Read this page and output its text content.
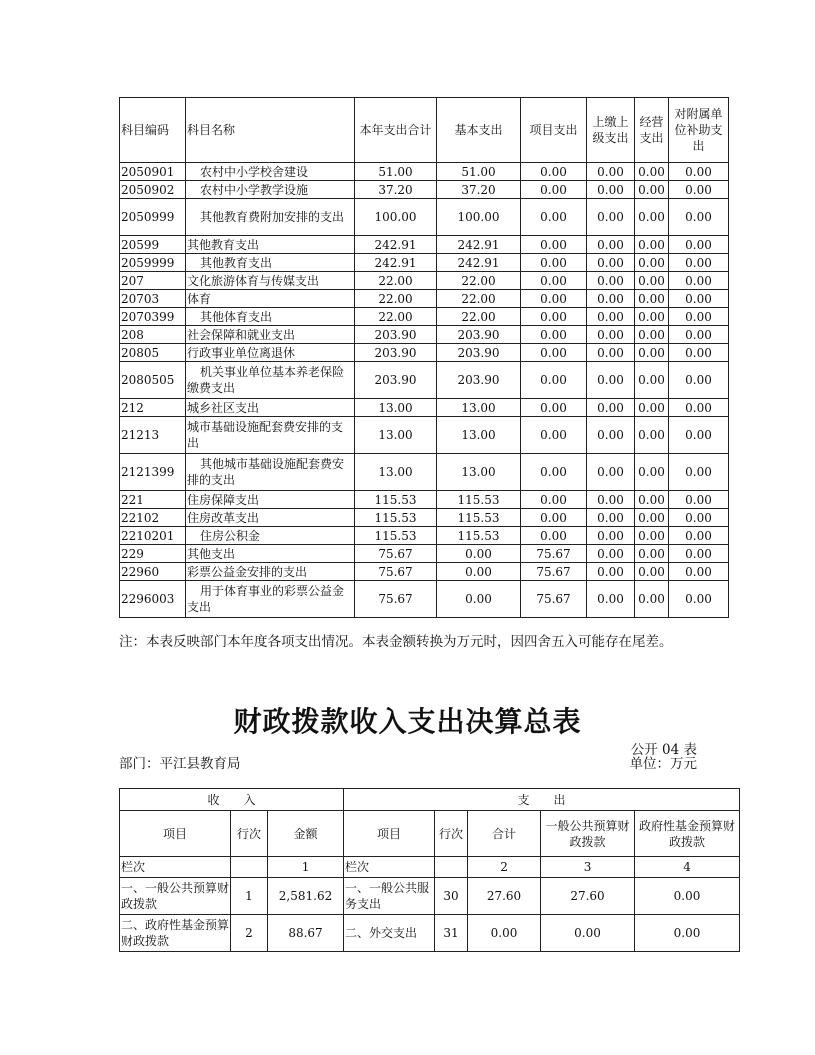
科目编码	科目名称	本年支出合计	基本支出	项目支出	上缴上级支出	经营支出	对附属单位补助支出
2050901	农村中小学校舍建设	51.00	51.00	0.00	0.00	0.00	0.00
2050902	农村中小学教学设施	37.20	37.20	0.00	0.00	0.00	0.00
2050999	其他教育费附加安排的支出	100.00	100.00	0.00	0.00	0.00	0.00
20599	其他教育支出	242.91	242.91	0.00	0.00	0.00	0.00
2059999	其他教育支出	242.91	242.91	0.00	0.00	0.00	0.00
207	文化旅游体育与传媒支出	22.00	22.00	0.00	0.00	0.00	0.00
20703	体育	22.00	22.00	0.00	0.00	0.00	0.00
2070399	其他体育支出	22.00	22.00	0.00	0.00	0.00	0.00
208	社会保障和就业支出	203.90	203.90	0.00	0.00	0.00	0.00
20805	行政事业单位离退休	203.90	203.90	0.00	0.00	0.00	0.00
2080505	机关事业单位基本养老保险缴费支出	203.90	203.90	0.00	0.00	0.00	0.00
212	城乡社区支出	13.00	13.00	0.00	0.00	0.00	0.00
21213	城市基础设施配套费安排的支出	13.00	13.00	0.00	0.00	0.00	0.00
2121399	其他城市基础设施配套费安排的支出	13.00	13.00	0.00	0.00	0.00	0.00
221	住房保障支出	115.53	115.53	0.00	0.00	0.00	0.00
22102	住房改革支出	115.53	115.53	0.00	0.00	0.00	0.00
2210201	住房公积金	115.53	115.53	0.00	0.00	0.00	0.00
229	其他支出	75.67	0.00	75.67	0.00	0.00	0.00
22960	彩票公益金安排的支出	75.67	0.00	75.67	0.00	0.00	0.00
2296003	用于体育事业的彩票公益金支出	75.67	0.00	75.67	0.00	0.00	0.00
注：本表反映部门本年度各项支出情况。本表金额转换为万元时，因四舍五入可能存在尾差。
财政拨款收入支出决算总表
公开 04 表
部门：平江县教育局	单位：万元
收　　入			支　　出				
项目	行次	金额	项目	行次	合计	一般公共预算财政拨款	政府性基金预算财政拨款
栏次		1	栏次		2	3	4
一、一般公共预算财政拨款	1	2,581.62	一、一般公共服务支出	30	27.60	27.60	0.00
二、政府性基金预算财政拨款	2	88.67	二、外交支出	31	0.00	0.00	0.00
